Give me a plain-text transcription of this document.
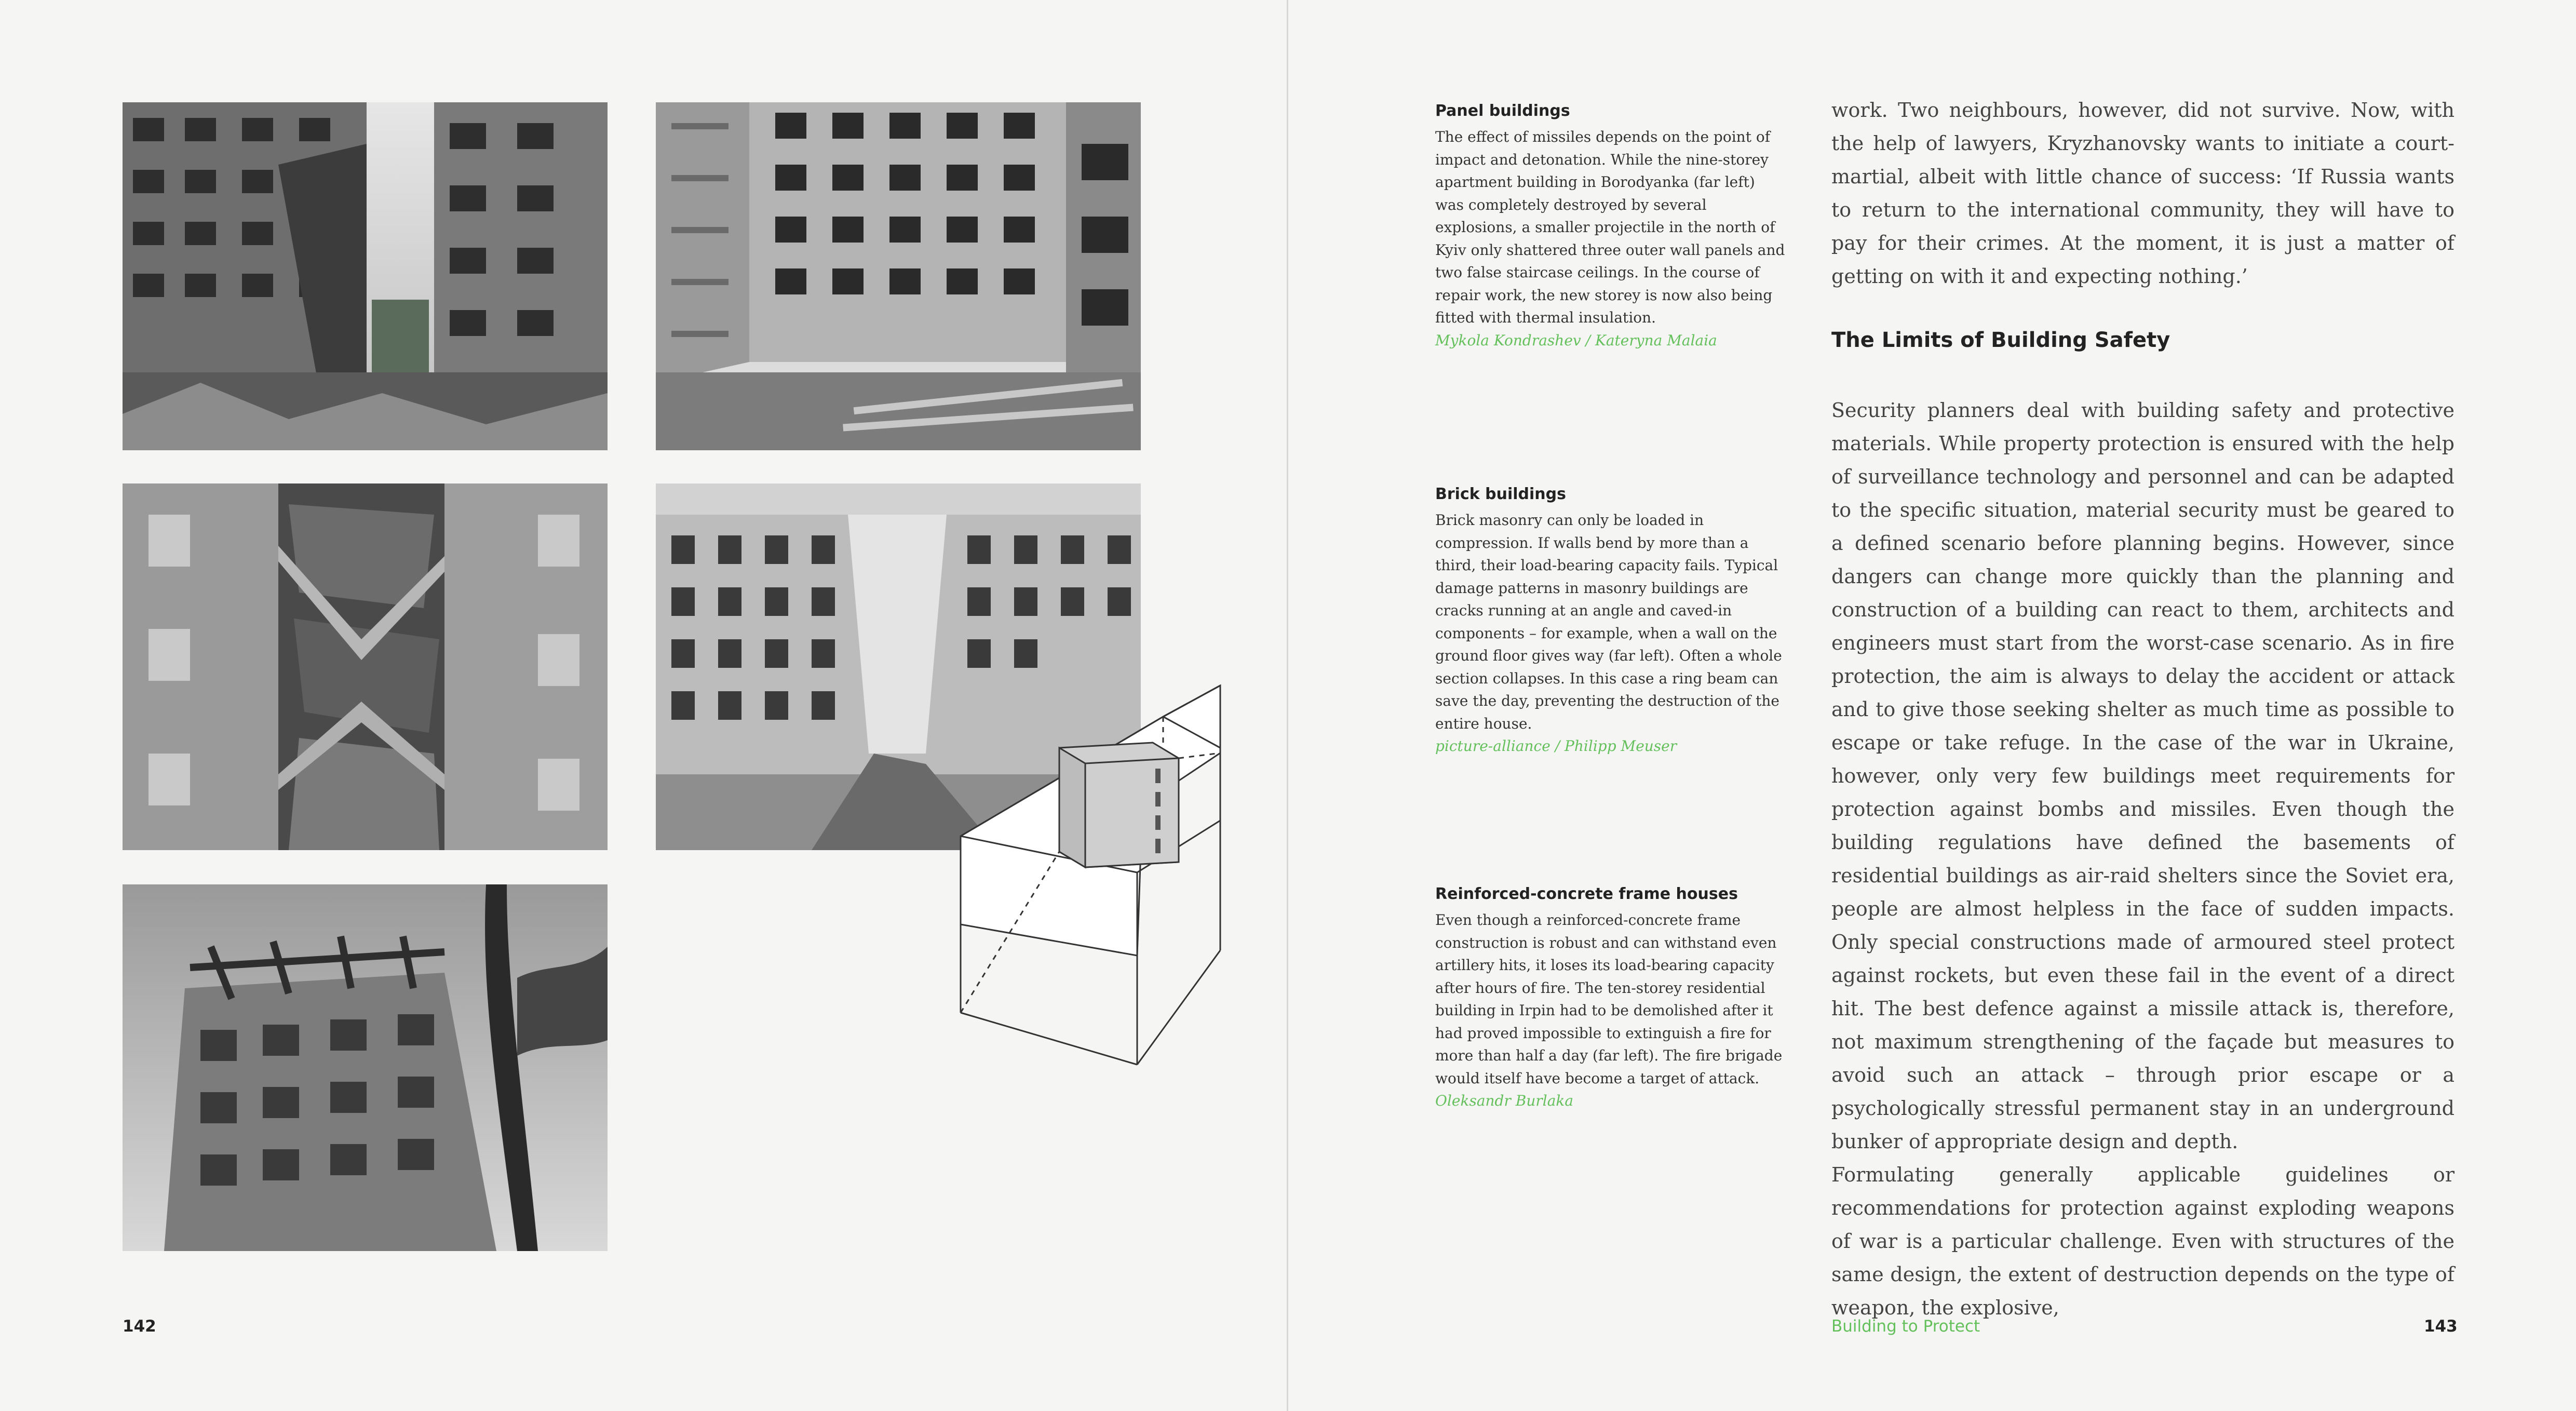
142

Panel buildings

The effect of missiles depends on the point of impact and detonation. While the nine-storey apartment building in Borodyanka (far left) was completely destroyed by several explosions, a smaller projectile in the north of Kyiv only shattered three outer wall panels and two false staircase ceilings. In the course of repair work, the new storey is now also being fitted with thermal insulation.

Mykola Kondrashev / Kateryna Malaia

Brick buildings

Brick masonry can only be loaded in compression. If walls bend by more than a third, their load-bearing capacity fails. Typical damage patterns in masonry buildings are cracks running at an angle and caved-in components – for example, when a wall on the ground floor gives way (far left). Often a whole section collapses. In this case a ring beam can save the day, preventing the destruction of the entire house.

picture-alliance / Philipp Meuser

Reinforced-concrete frame houses

Even though a reinforced-concrete frame construction is robust and can withstand even artillery hits, it loses its load-bearing capacity after hours of fire. The ten-storey residential building in Irpin had to be demolished after it had proved impossible to extinguish a fire for more than half a day (far left). The fire brigade would itself have become a target of attack.

Oleksandr Burlaka

work. Two neighbours, however, did not survive. Now, with the help of lawyers, Kryzhanovsky wants to initiate a court-martial, albeit with little chance of success: ‘If Russia wants to return to the international community, they will have to pay for their crimes. At the moment, it is just a matter of getting on with it and expecting nothing.’

The Limits of Building Safety

Security planners deal with building safety and protective materials. While property protection is ensured with the help of surveillance technology and personnel and can be adapted to the specific situation, material security must be geared to a defined scenario before planning begins. However, since dangers can change more quickly than the planning and construction of a building can react to them, architects and engineers must start from the worst-case scenario. As in fire protection, the aim is always to delay the accident or attack and to give those seeking shelter as much time as possible to escape or take refuge. In the case of the war in Ukraine, however, only very few buildings meet requirements for protection against bombs and missiles. Even though the building regulations have defined the basements of residential buildings as air-raid shelters since the Soviet era, people are almost helpless in the face of sudden impacts. Only special constructions made of armoured steel protect against rockets, but even these fail in the event of a direct hit. The best defence against a missile attack is, therefore, not maximum strengthening of the façade but measures to avoid such an attack – through prior escape or a psychologically stressful permanent stay in an underground bunker of appropriate design and depth.

Formulating generally applicable guidelines or recommendations for protection against exploding weapons of war is a particular challenge. Even with structures of the same design, the extent of destruction depends on the type of weapon, the explosive,

Building to Protect	143
